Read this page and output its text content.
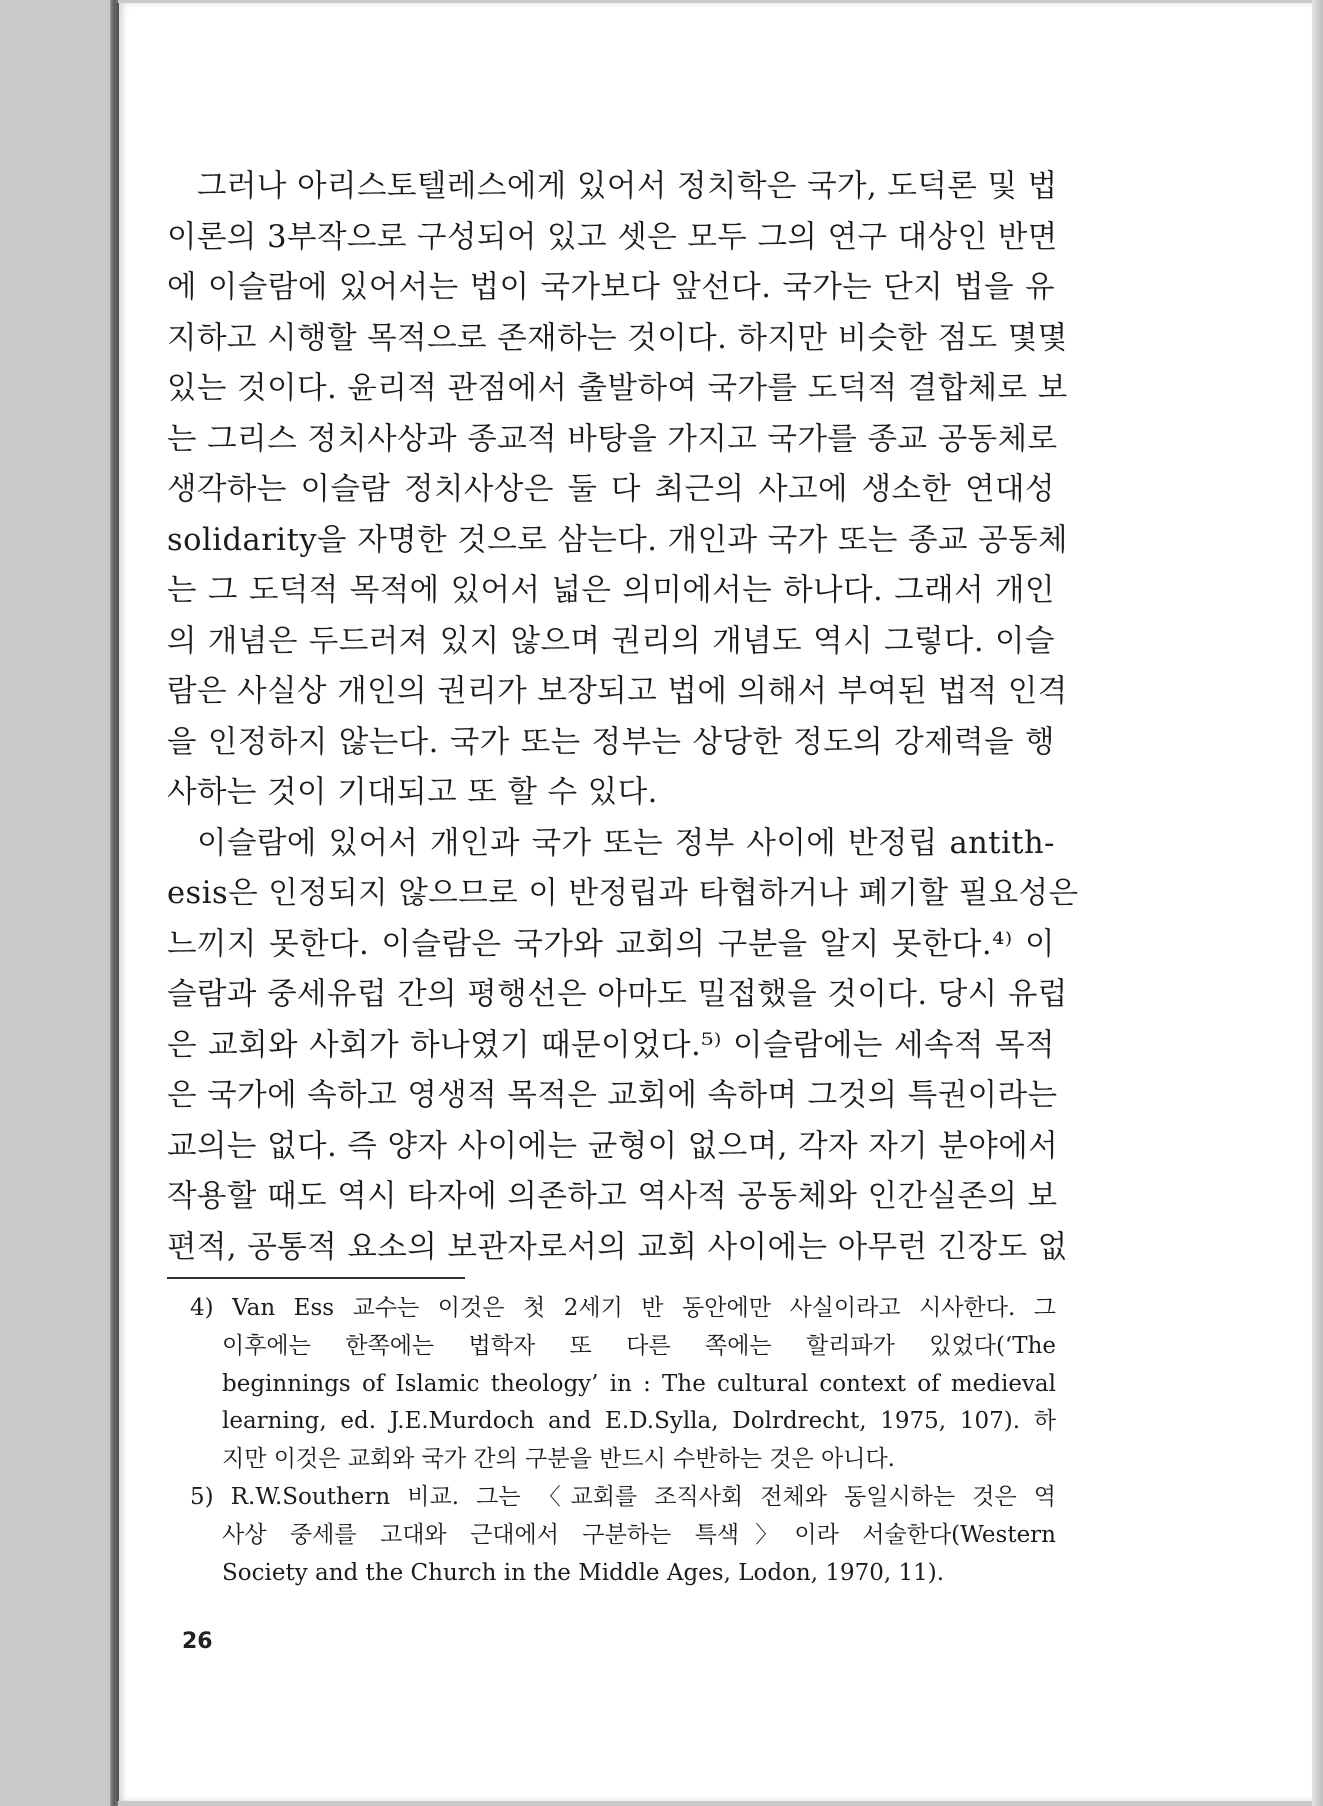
그러나 아리스토텔레스에게 있어서 정치학은 국가, 도덕론 및 법
이론의 3부작으로 구성되어 있고 셋은 모두 그의 연구 대상인 반면
에 이슬람에 있어서는 법이 국가보다 앞선다. 국가는 단지 법을 유
지하고 시행할 목적으로 존재하는 것이다. 하지만 비슷한 점도 몇몇
있는 것이다. 윤리적 관점에서 출발하여 국가를 도덕적 결합체로 보
는 그리스 정치사상과 종교적 바탕을 가지고 국가를 종교 공동체로
생각하는 이슬람 정치사상은 둘 다 최근의 사고에 생소한 연대성
solidarity을 자명한 것으로 삼는다. 개인과 국가 또는 종교 공동체
는 그 도덕적 목적에 있어서 넓은 의미에서는 하나다. 그래서 개인
의 개념은 두드러져 있지 않으며 권리의 개념도 역시 그렇다. 이슬
람은 사실상 개인의 권리가 보장되고 법에 의해서 부여된 법적 인격
을 인정하지 않는다. 국가 또는 정부는 상당한 정도의 강제력을 행
사하는 것이 기대되고 또 할 수 있다.
이슬람에 있어서 개인과 국가 또는 정부 사이에 반정립 antith-
esis은 인정되지 않으므로 이 반정립과 타협하거나 폐기할 필요성은
느끼지 못한다. 이슬람은 국가와 교회의 구분을 알지 못한다.⁴⁾ 이
슬람과 중세유럽 간의 평행선은 아마도 밀접했을 것이다. 당시 유럽
은 교회와 사회가 하나였기 때문이었다.⁵⁾ 이슬람에는 세속적 목적
은 국가에 속하고 영생적 목적은 교회에 속하며 그것의 특권이라는
교의는 없다. 즉 양자 사이에는 균형이 없으며, 각자 자기 분야에서
작용할 때도 역시 타자에 의존하고 역사적 공동체와 인간실존의 보
편적, 공통적 요소의 보관자로서의 교회 사이에는 아무런 긴장도 없
4) Van Ess 교수는 이것은 첫 2세기 반 동안에만 사실이라고 시사한다. 그
이후에는 한쪽에는 법학자 또 다른 쪽에는 할리파가 있었다(‘The
beginnings of Islamic theology’ in : The cultural context of medieval
learning, ed. J.E.Murdoch and E.D.Sylla, Dolrdrecht, 1975, 107). 하
지만 이것은 교회와 국가 간의 구분을 반드시 수반하는 것은 아니다.
5) R.W.Southern 비교. 그는 〈교회를 조직사회 전체와 동일시하는 것은 역
사상 중세를 고대와 근대에서 구분하는 특색〉이라 서술한다(Western
Society and the Church in the Middle Ages, Lodon, 1970, 11).
26
